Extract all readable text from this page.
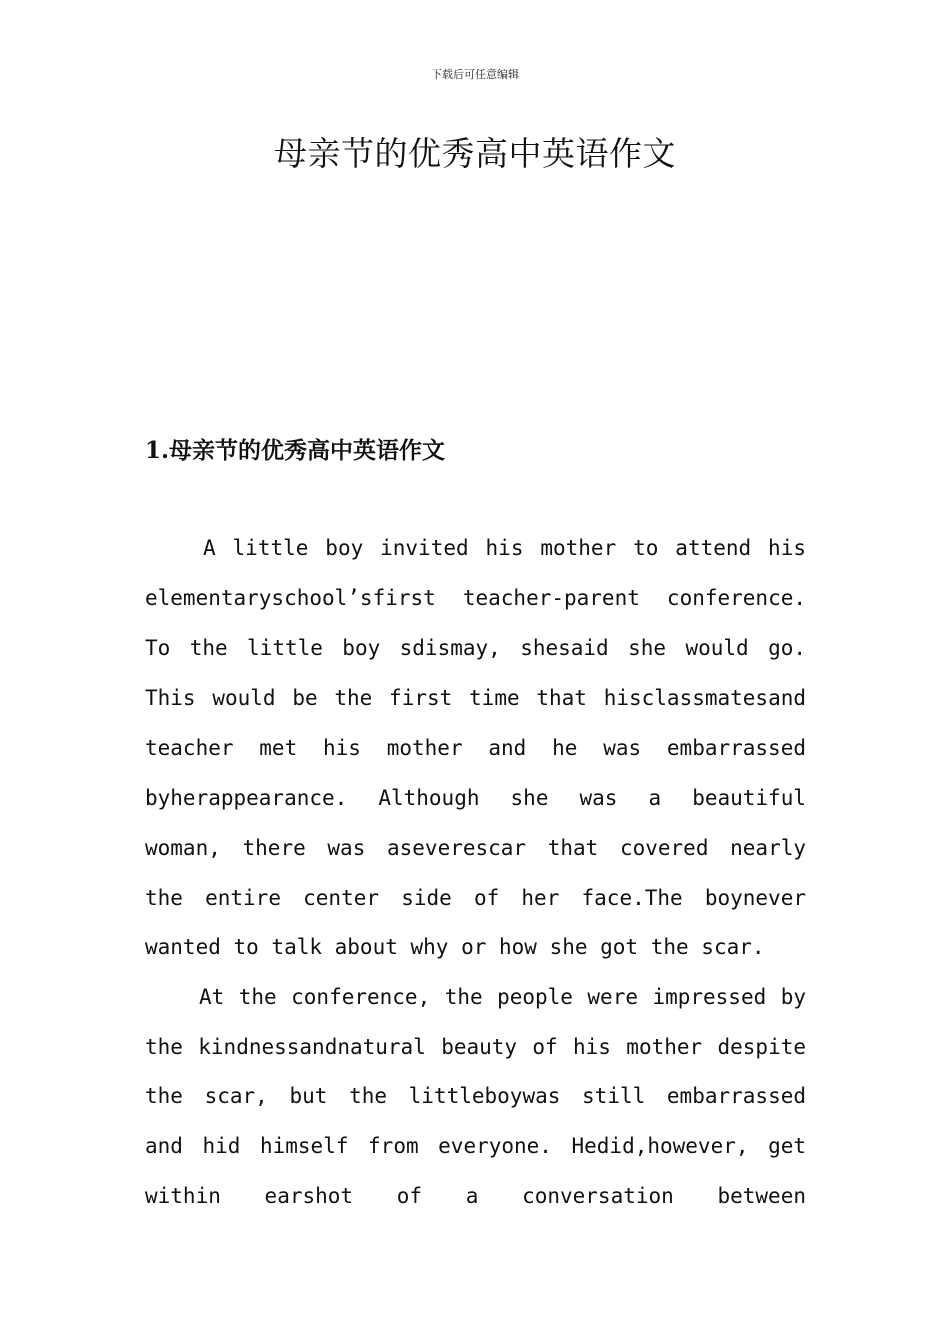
下载后可任意编辑
母亲节的优秀高中英语作文
1.母亲节的优秀高中英语作文
A little boy invited his mother to attend his
elementaryschool’sfirst teacher-parent conference.
To the little boy sdismay, shesaid she would go.
This would be the first time that hisclassmatesand
teacher met his mother and he was embarrassed
byherappearance. Although she was a beautiful
woman, there was aseverescar that covered nearly
the entire center side of her face.The boynever
wanted to talk about why or how she got the scar.
At the conference, the people were impressed by
the kindnessandnatural beauty of his mother despite
the scar, but the littleboywas still embarrassed
and hid himself from everyone. Hedid,however, get
within earshot of a conversation between
